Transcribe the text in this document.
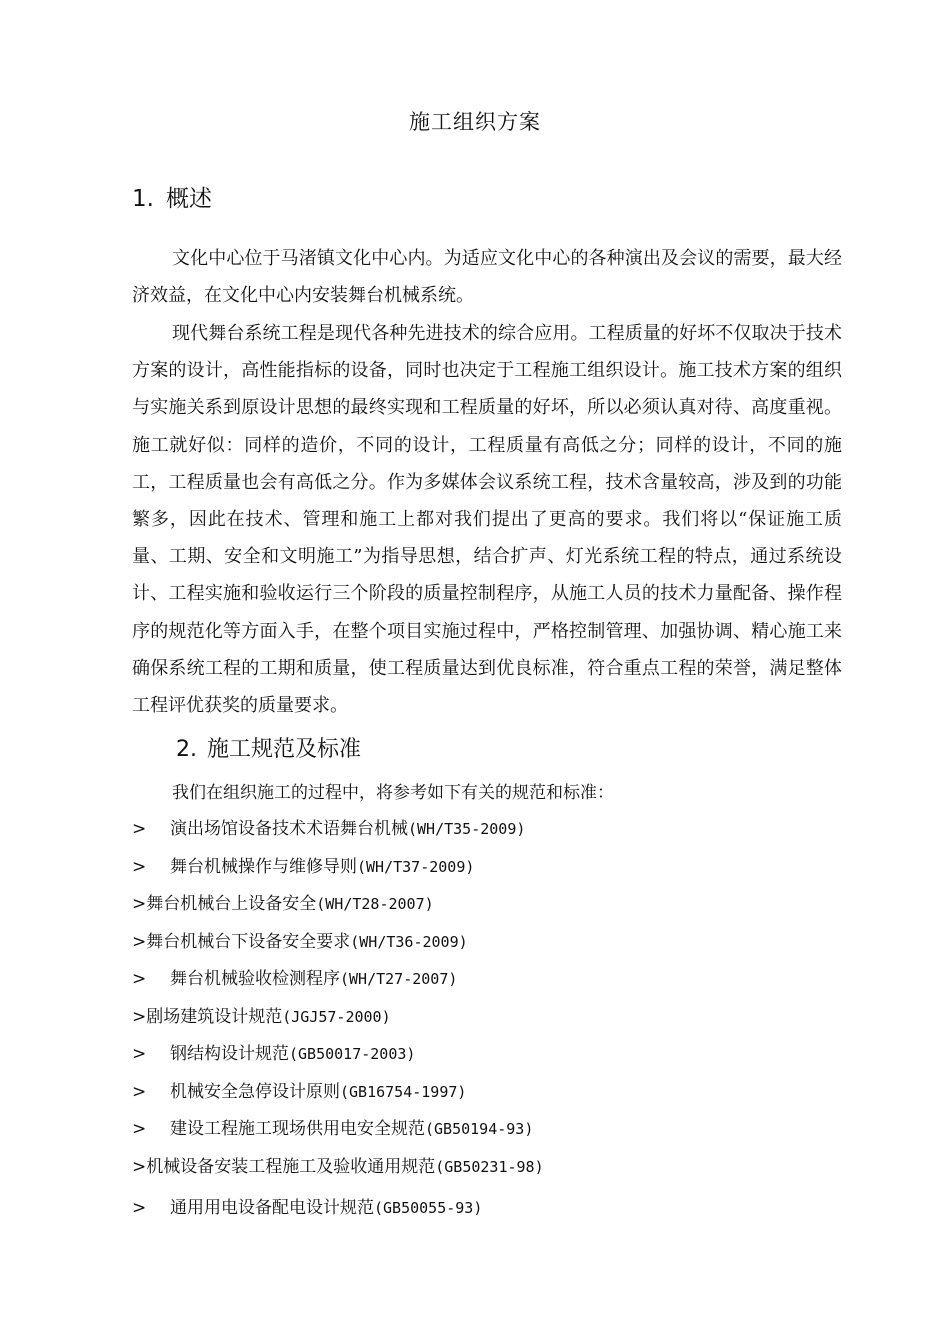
施工组织方案
1. 概述

文化中心位于马渚镇文化中心内。为适应文化中心的各种演出及会议的需要，最大经济效益，在文化中心内安装舞台机械系统。

现代舞台系统工程是现代各种先进技术的综合应用。工程质量的好坏不仅取决于技术方案的设计，高性能指标的设备，同时也决定于工程施工组织设计。施工技术方案的组织与实施关系到原设计思想的最终实现和工程质量的好坏，所以必须认真对待、高度重视。施工就好似：同样的造价，不同的设计，工程质量有高低之分；同样的设计，不同的施工，工程质量也会有高低之分。作为多媒体会议系统工程，技术含量较高，涉及到的功能繁多，因此在技术、管理和施工上都对我们提出了更高的要求。我们将以“保证施工质量、工期、安全和文明施工”为指导思想，结合扩声、灯光系统工程的特点，通过系统设计、工程实施和验收运行三个阶段的质量控制程序，从施工人员的技术力量配备、操作程序的规范化等方面入手，在整个项目实施过程中，严格控制管理、加强协调、精心施工来确保系统工程的工期和质量，使工程质量达到优良标准，符合重点工程的荣誉，满足整体工程评优获奖的质量要求。

2. 施工规范及标准
我们在组织施工的过程中，将参考如下有关的规范和标准：
> 演出场馆设备技术术语舞台机械(WH/T35-2009)
> 舞台机械操作与维修导则(WH/T37-2009)
>舞台机械台上设备安全(WH/T28-2007)
>舞台机械台下设备安全要求(WH/T36-2009)
> 舞台机械验收检测程序(WH/T27-2007)
>剧场建筑设计规范(JGJ57-2000)
> 钢结构设计规范(GB50017-2003)
> 机械安全急停设计原则(GB16754-1997)
> 建设工程施工现场供用电安全规范(GB50194-93)
>机械设备安装工程施工及验收通用规范(GB50231-98)
> 通用用电设备配电设计规范(GB50055-93)
